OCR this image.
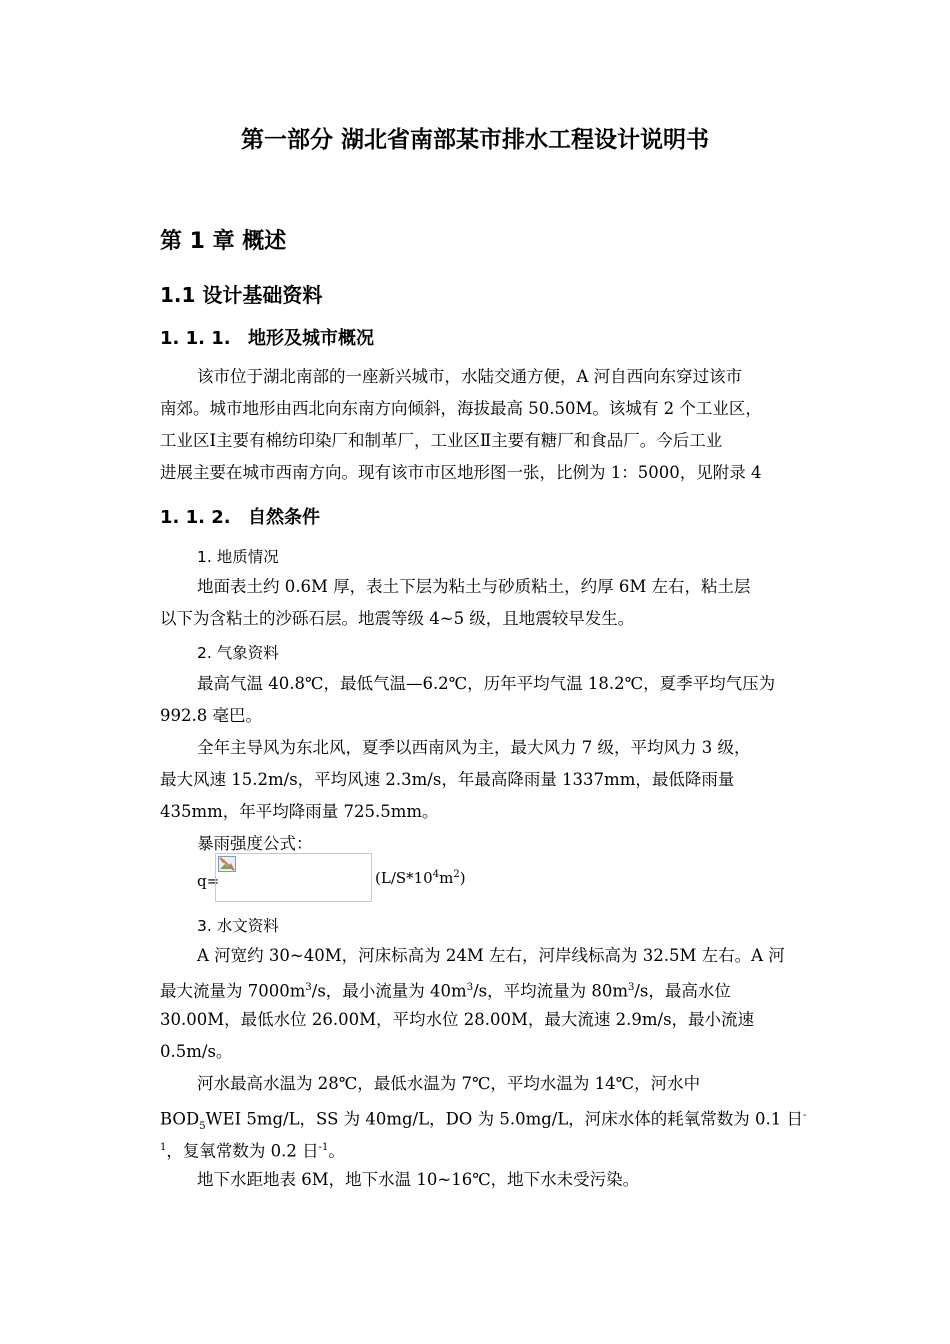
第一部分 湖北省南部某市排水工程设计说明书
第 1 章 概述
1.1 设计基础资料
1. 1. 1. 地形及城市概况
该市位于湖北南部的一座新兴城市，水陆交通方便，A 河自西向东穿过该市
南郊。城市地形由西北向东南方向倾斜，海拔最高 50.50M。该城有 2 个工业区，
工业区Ⅰ主要有棉纺印染厂和制革厂，工业区Ⅱ主要有糖厂和食品厂。今后工业
进展主要在城市西南方向。现有该市市区地形图一张，比例为 1：5000，见附录 4
1. 1. 2. 自然条件
1. 地质情况
地面表土约 0.6M 厚，表土下层为粘土与砂质粘土，约厚 6M 左右，粘土层
以下为含粘土的沙砾石层。地震等级 4~5 级，且地震较早发生。
2. 气象资料
最高气温 40.8℃，最低气温—6.2℃，历年平均气温 18.2℃，夏季平均气压为
992.8 毫巴。
全年主导风为东北风，夏季以西南风为主，最大风力 7 级，平均风力 3 级，
最大风速 15.2m/s，平均风速 2.3m/s，年最高降雨量 1337mm，最低降雨量
435mm，年平均降雨量 725.5mm。
暴雨强度公式：
q=	$(L/S*10^4m^2)$
3. 水文资料
A 河宽约 30~40M，河床标高为 24M 左右，河岸线标高为 32.5M 左右。A 河
最大流量为 $7000m^3/s$，最小流量为 $40m^3/s$，平均流量为 $80m^3/s$，最高水位
30.00M，最低水位 26.00M，平均水位 28.00M，最大流速 2.9m/s，最小流速
0.5m/s。
河水最高水温为 28℃，最低水温为 7℃，平均水温为 14℃，河水中
$BOD_5WEI$ 5mg/L，SS 为 40mg/L，DO 为 5.0mg/L，河床水体的耗氧常数为 0.1 日-
$^1$，复氧常数为 0.2 日$^{-1}$。
地下水距地表 6M，地下水温 10~16℃，地下水未受污染。
